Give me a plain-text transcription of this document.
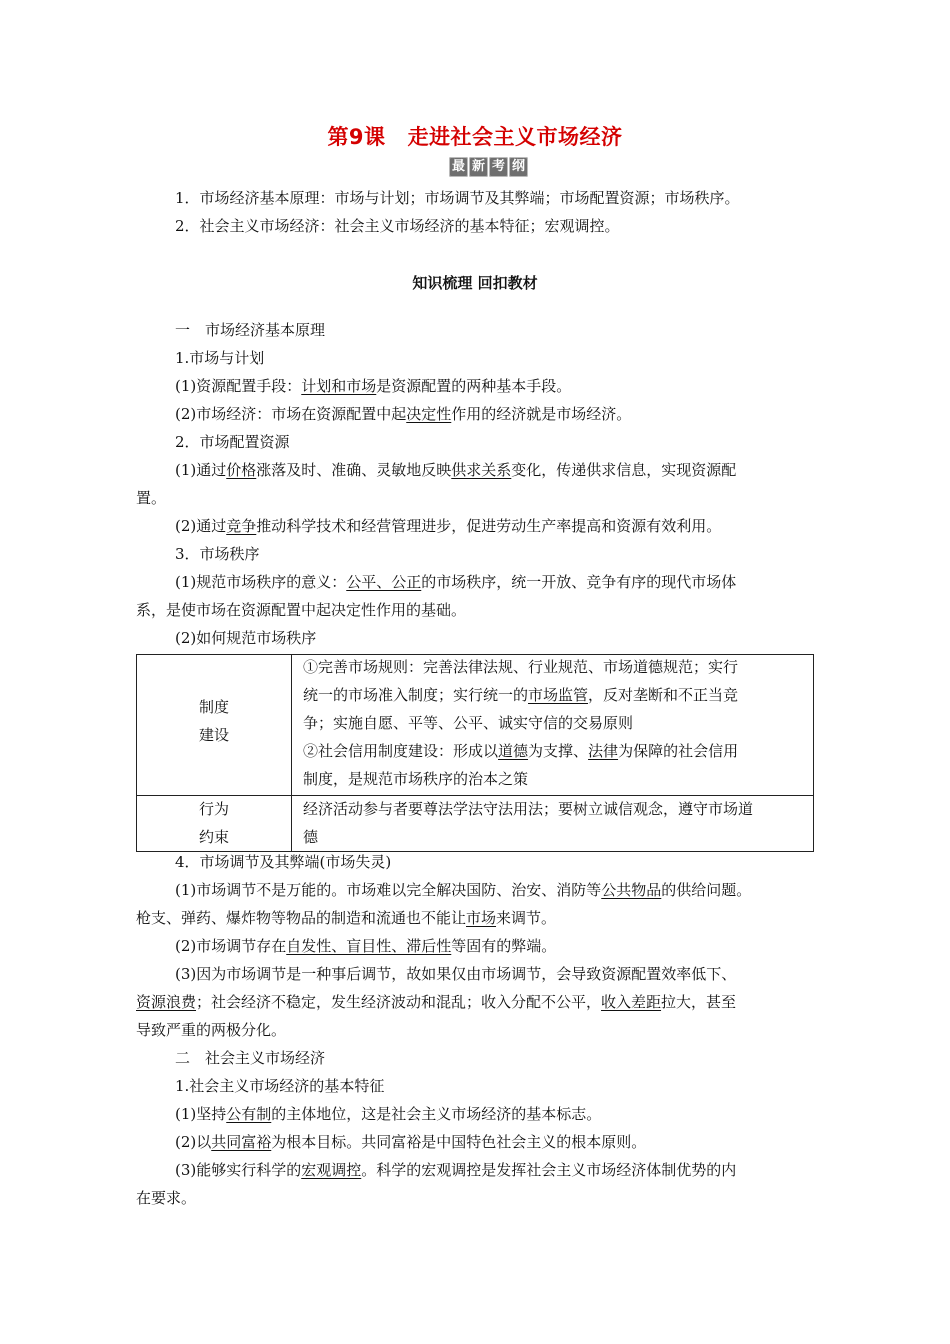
第9课 走进社会主义市场经济
最 新 考 纲
1．市场经济基本原理：市场与计划；市场调节及其弊端；市场配置资源；市场秩序。
2．社会主义市场经济：社会主义市场经济的基本特征；宏观调控。
知识梳理 回扣教材
一　市场经济基本原理
1.市场与计划
(1)资源配置手段：计划和市场是资源配置的两种基本手段。
(2)市场经济：市场在资源配置中起决定性作用的经济就是市场经济。
2．市场配置资源
(1)通过价格涨落及时、准确、灵敏地反映供求关系变化，传递供求信息，实现资源配
置。
(2)通过竞争推动科学技术和经营管理进步，促进劳动生产率提高和资源有效利用。
3．市场秩序
(1)规范市场秩序的意义：公平、公正的市场秩序，统一开放、竞争有序的现代市场体
系，是使市场在资源配置中起决定性作用的基础。
(2)如何规范市场秩序
制度
建设
①完善市场规则：完善法律法规、行业规范、市场道德规范；实行
统一的市场准入制度；实行统一的市场监管，反对垄断和不正当竞
争；实施自愿、平等、公平、诚实守信的交易原则
②社会信用制度建设：形成以道德为支撑、法律为保障的社会信用
制度，是规范市场秩序的治本之策
行为
约束
经济活动参与者要尊法学法守法用法；要树立诚信观念，遵守市场道
德
4．市场调节及其弊端(市场失灵)
(1)市场调节不是万能的。市场难以完全解决国防、治安、消防等公共物品的供给问题。
枪支、弹药、爆炸物等物品的制造和流通也不能让市场来调节。
(2)市场调节存在自发性、盲目性、滞后性等固有的弊端。
(3)因为市场调节是一种事后调节，故如果仅由市场调节，会导致资源配置效率低下、
资源浪费；社会经济不稳定，发生经济波动和混乱；收入分配不公平，收入差距拉大，甚至
导致严重的两极分化。
二　社会主义市场经济
1.社会主义市场经济的基本特征
(1)坚持公有制的主体地位，这是社会主义市场经济的基本标志。
(2)以共同富裕为根本目标。共同富裕是中国特色社会主义的根本原则。
(3)能够实行科学的宏观调控。科学的宏观调控是发挥社会主义市场经济体制优势的内
在要求。
